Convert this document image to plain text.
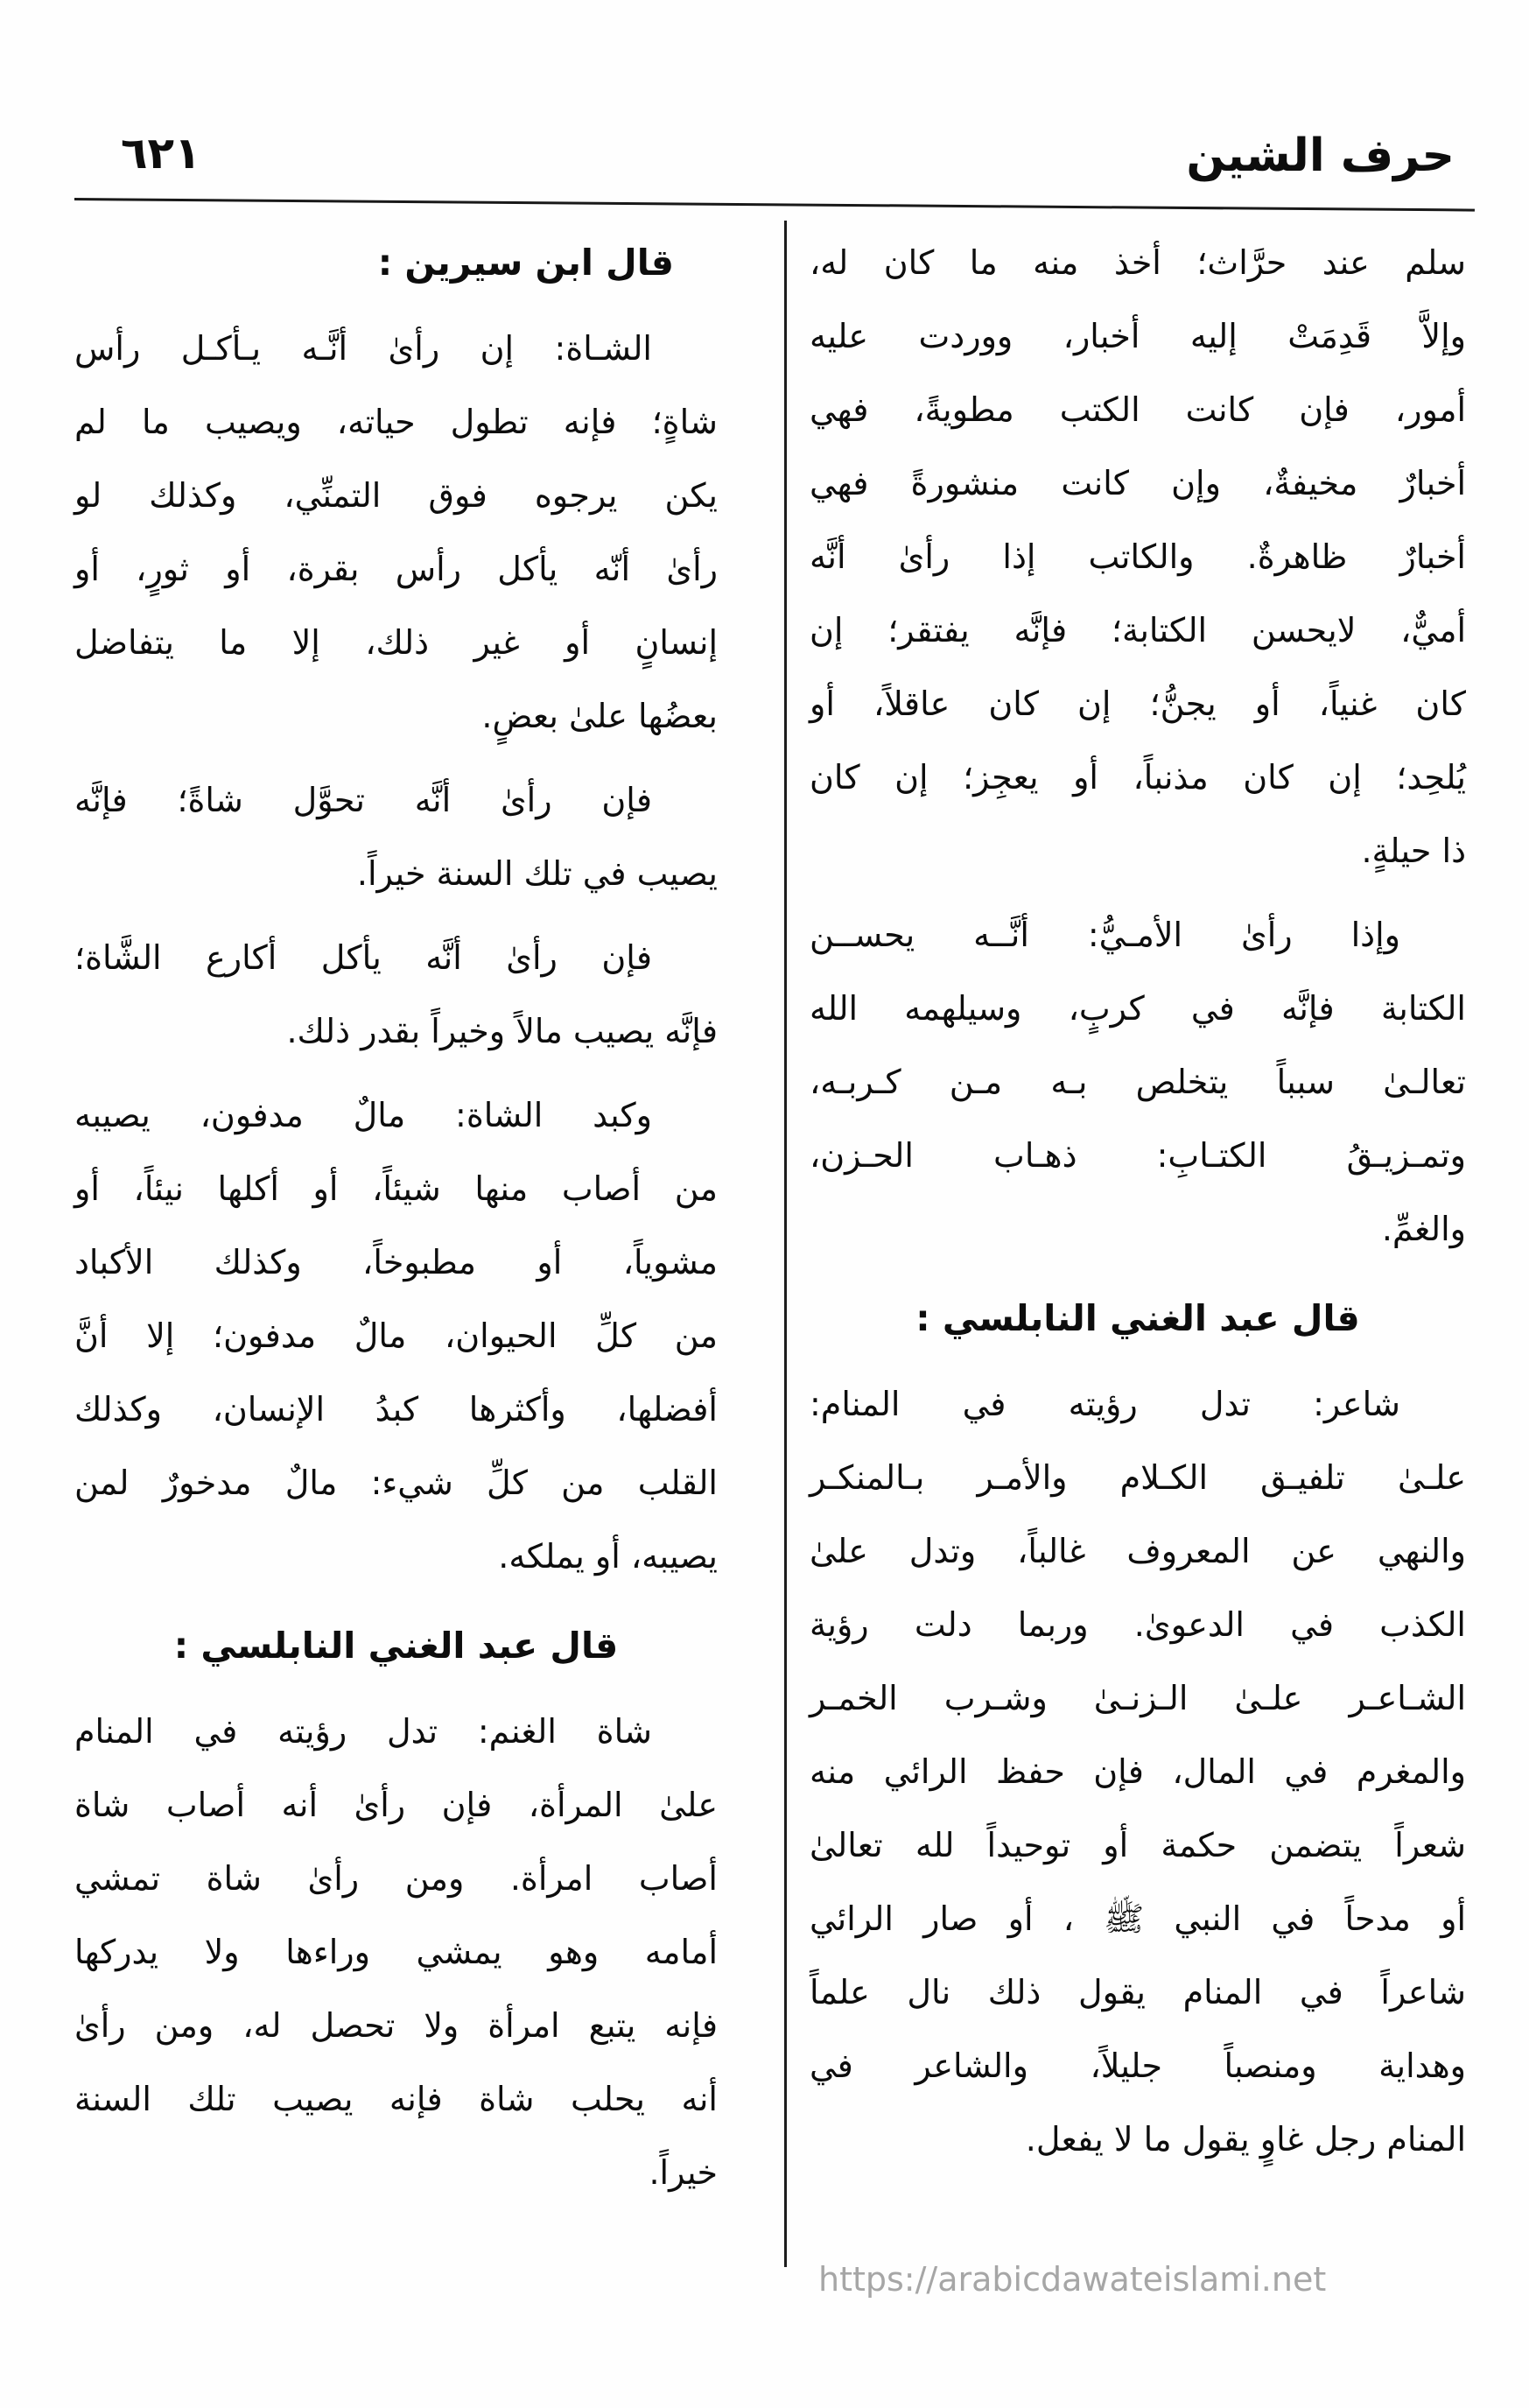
٦٢١	حرف الشين
سلم عند حرَّاث؛ أخذ منه ما كان له،
وإلاَّ قَدِمَتْ إليه أخبار، ووردت عليه
أمور، فإن كانت الكتب مطويةً، فهي
أخبارٌ مخيفةٌ، وإن كانت منشورةً فهي
أخبارٌ ظاهرةٌ. والكاتب إذا رأىٰ أنَّه
أميٌّ، لايحسن الكتابة؛ فإنَّه يفتقر؛ إن
كان غنياً، أو يجنُّ؛ إن كان عاقلاً، أو
يُلحِد؛ إن كان مذنباً، أو يعجِز؛ إن كان
ذا حيلةٍ.
وإذا رأىٰ الأمـيُّ: أنَّــه يحســن
الكتابة فإنَّه في كربٍ، وسيلهمه الله
تعالـىٰ سبباً يتخلص بـه مـن كـربـه،
وتمـزيـقُ الكتـابِ: ذهـاب الحـزن،
والغمِّ.
قال عبد الغني النابلسي :
شاعر: تدل رؤيته في المنام:
علـىٰ تلفيـق الكـلام والأمـر بـالمنكـر
والنهي عن المعروف غالباً، وتدل علىٰ
الكذب في الدعوىٰ. وربما دلت رؤية
الشـاعـر علـىٰ الـزنـىٰ وشـرب الخمـر
والمغرم في المال، فإن حفظ الرائي منه
شعراً يتضمن حكمة أو توحيداً لله تعالىٰ
أو مدحاً في النبي ﷺ ، أو صار الرائي
شاعراً في المنام يقول ذلك نال علماً
وهداية ومنصباً جليلاً، والشاعر في
المنام رجل غاوٍ يقول ما لا يفعل.
قال ابن سيرين :
الشـاة: إن رأىٰ أنَّـه يـأكـل رأس
شاةٍ؛ فإنه تطول حياته، ويصيب ما لم
يكن يرجوه فوق التمنِّي، وكذلك لو
رأىٰ أنّه يأكل رأس بقرة، أو ثورٍ، أو
إنسانٍ أو غير ذلك، إلا ما يتفاضل
بعضُها علىٰ بعضٍ.
فإن رأىٰ أنَّه تحوَّل شاةً؛ فإنَّه
يصيب في تلك السنة خيراً.
فإن رأىٰ أنَّه يأكل أكارع الشَّاة؛
فإنَّه يصيب مالاً وخيراً بقدر ذلك.
وكبد الشاة: مالٌ مدفون، يصيبه
من أصاب منها شيئاً، أو أكلها نيئاً، أو
مشوياً، أو مطبوخاً، وكذلك الأكباد
من كلِّ الحيوان، مالٌ مدفون؛ إلا أنَّ
أفضلها، وأكثرها كبدُ الإنسان، وكذلك
القلب من كلِّ شيء: مالٌ مدخورٌ لمن
يصيبه، أو يملكه.
قال عبد الغني النابلسي :
شاة الغنم: تدل رؤيته في المنام
علىٰ المرأة، فإن رأىٰ أنه أصاب شاة
أصاب امرأة. ومن رأىٰ شاة تمشي
أمامه وهو يمشي وراءها ولا يدركها
فإنه يتبع امرأة ولا تحصل له، ومن رأىٰ
أنه يحلب شاة فإنه يصيب تلك السنة
خيراً.
https://arabicdawateislami.net
